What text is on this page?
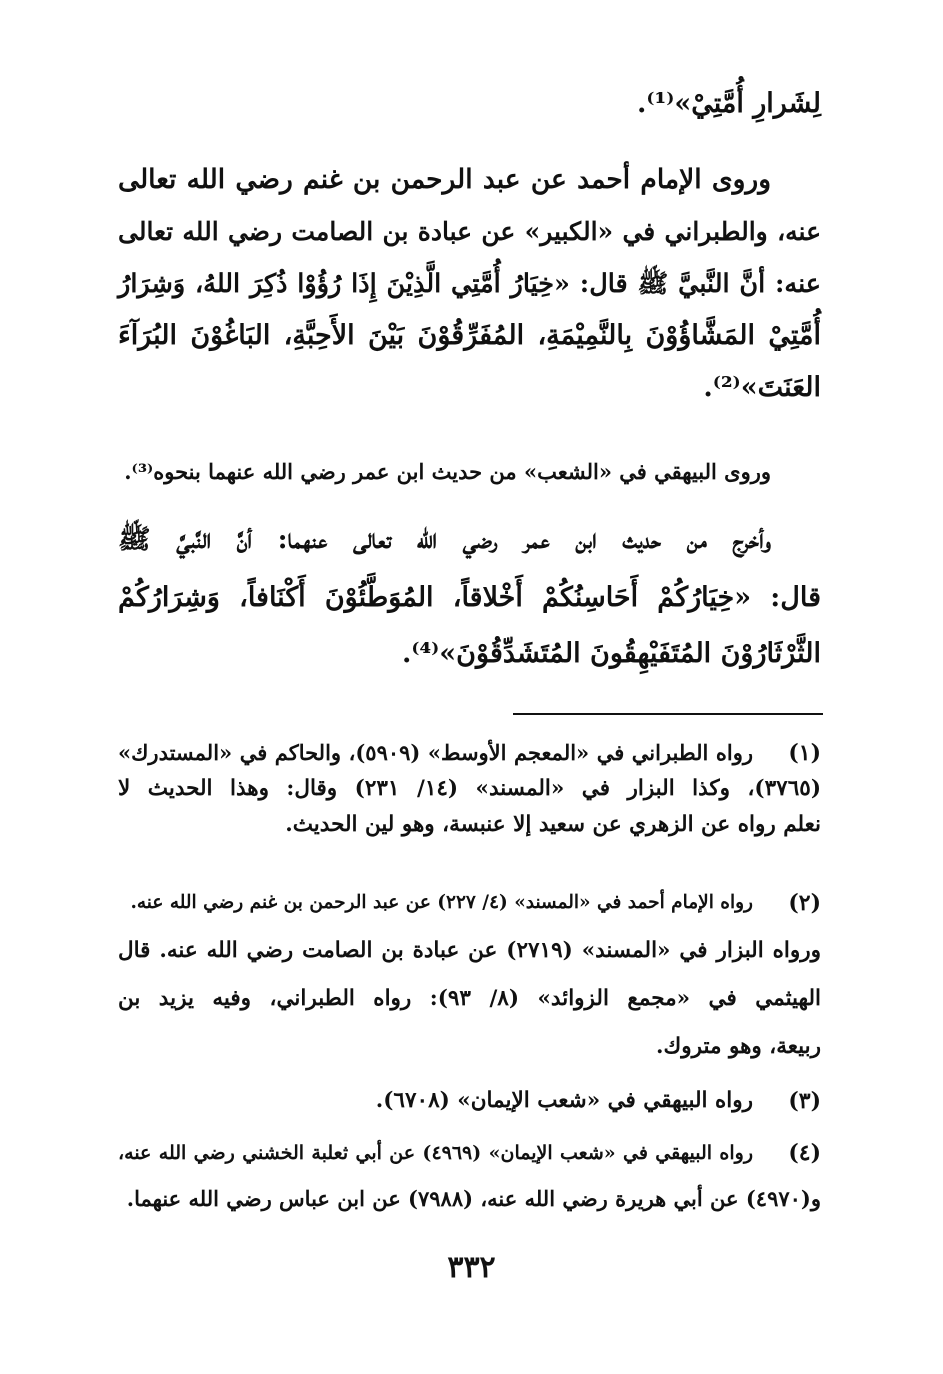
لِشَرارِ أُمَّتِيْ»⁽¹⁾.
وروى الإمام أحمد عن عبد الرحمن بن غنم رضي الله تعالى
عنه، والطبراني في «الكبير» عن عبادة بن الصامت رضي الله تعالى
عنه: أنَّ النَّبيَّ ﷺ قال: «خِيَارُ أُمَّتِي الَّذِيْنَ إِذَا رُؤُوْا ذُكِرَ اللهُ، وَشِرَارُ
أُمَّتِيْ المَشَّاؤُوْنَ بِالنَّمِيْمَةِ، المُفَرِّقُوْنَ بَيْنَ الأَحِبَّةِ، البَاغُوْنَ البُرَآءَ
العَنَتَ»⁽²⁾.
وروى البيهقي في «الشعب» من حديث ابن عمر رضي الله عنهما بنحوه⁽³⁾.
وأخرج من حديث ابن عمر رضي الله تعالى عنهما: أنَّ النَّبيَّ ﷺ
قال: «خِيَارُكُمْ أَحَاسِنُكُمْ أَخْلاقاً، المُوَطَّئُوْنَ أَكْنَافاً، وَشِرَارُكُمْ
الثَّرْثَارُوْنَ المُتَفَيْهِقُونَ المُتَشَدِّقُوْنَ»⁽⁴⁾.
(١)
رواه الطبراني في «المعجم الأوسط» (٥٩٠٩)، والحاكم في «المستدرك»
(٣٧٦٥)، وكذا البزار في «المسند» (١٤/ ٢٣١) وقال: وهذا الحديث لا
نعلم رواه عن الزهري عن سعيد إلا عنبسة، وهو لين الحديث.
(٢)
رواه الإمام أحمد في «المسند» (٤/ ٢٢٧) عن عبد الرحمن بن غنم رضي الله عنه.
ورواه البزار في «المسند» (٢٧١٩) عن عبادة بن الصامت رضي الله عنه. قال
الهيثمي في «مجمع الزوائد» (٨/ ٩٣): رواه الطبراني، وفيه يزيد بن
ربيعة، وهو متروك.
(٣)
رواه البيهقي في «شعب الإيمان» (٦٧٠٨).
(٤)
رواه البيهقي في «شعب الإيمان» (٤٩٦٩) عن أبي ثعلبة الخشني رضي الله عنه،
و(٤٩٧٠) عن أبي هريرة رضي الله عنه، (٧٩٨٨) عن ابن عباس رضي الله عنهما.
٣٣٢
